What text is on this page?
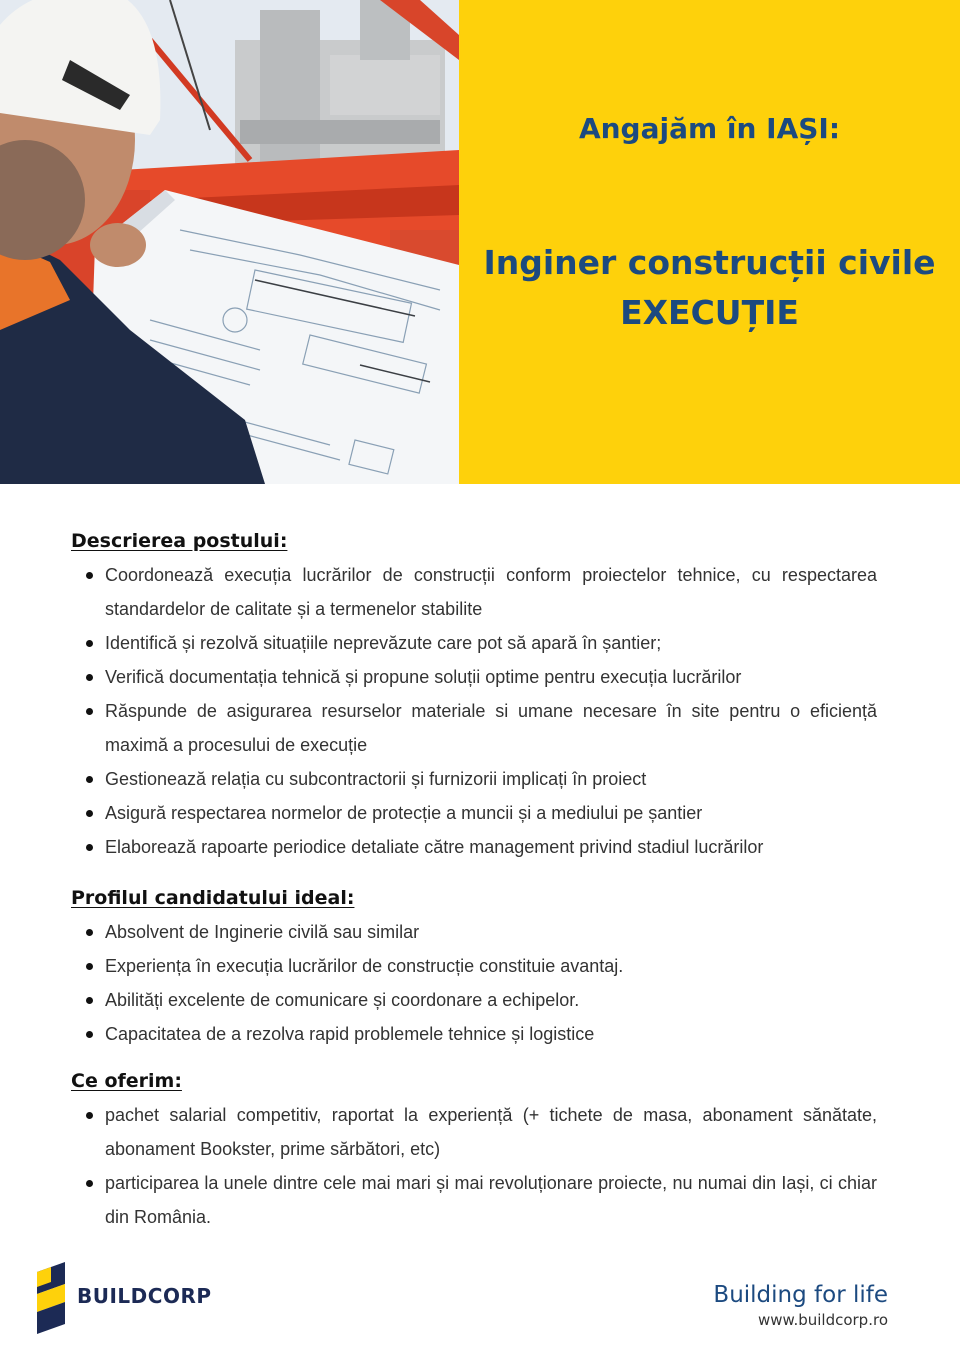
Angajăm în IAȘI:
Inginer construcții civile
EXECUȚIE
Descrierea postului:
Coordonează execuția lucrărilor de construcții conform proiectelor tehnice, cu respectarea standardelor de calitate și a termenelor stabilite
Identifică și rezolvă situațiile neprevăzute care pot să apară în șantier;
Verifică documentația tehnică și propune soluții optime pentru execuția lucrărilor
Răspunde de asigurarea resurselor materiale si umane necesare în site pentru o eficiență maximă a procesului de execuție
Gestionează relația cu subcontractorii și furnizorii implicați în proiect
Asigură respectarea normelor de protecție a muncii și a mediului pe șantier
Elaborează rapoarte periodice detaliate către management privind stadiul lucrărilor
Profilul candidatului ideal:
Absolvent de Inginerie civilă sau similar
Experiența în execuția lucrărilor de construcție constituie avantaj.
Abilități excelente de comunicare și coordonare a echipelor.
Capacitatea de a rezolva rapid problemele tehnice și logistice
Ce oferim:
pachet salarial competitiv, raportat la experiență (+ tichete de masa, abonament sănătate, abonament Bookster, prime sărbători, etc)
participarea la unele dintre cele mai mari și mai revoluționare proiecte, nu numai din Iași, ci chiar din România.
BUILDCORP	Building for life
www.buildcorp.ro
